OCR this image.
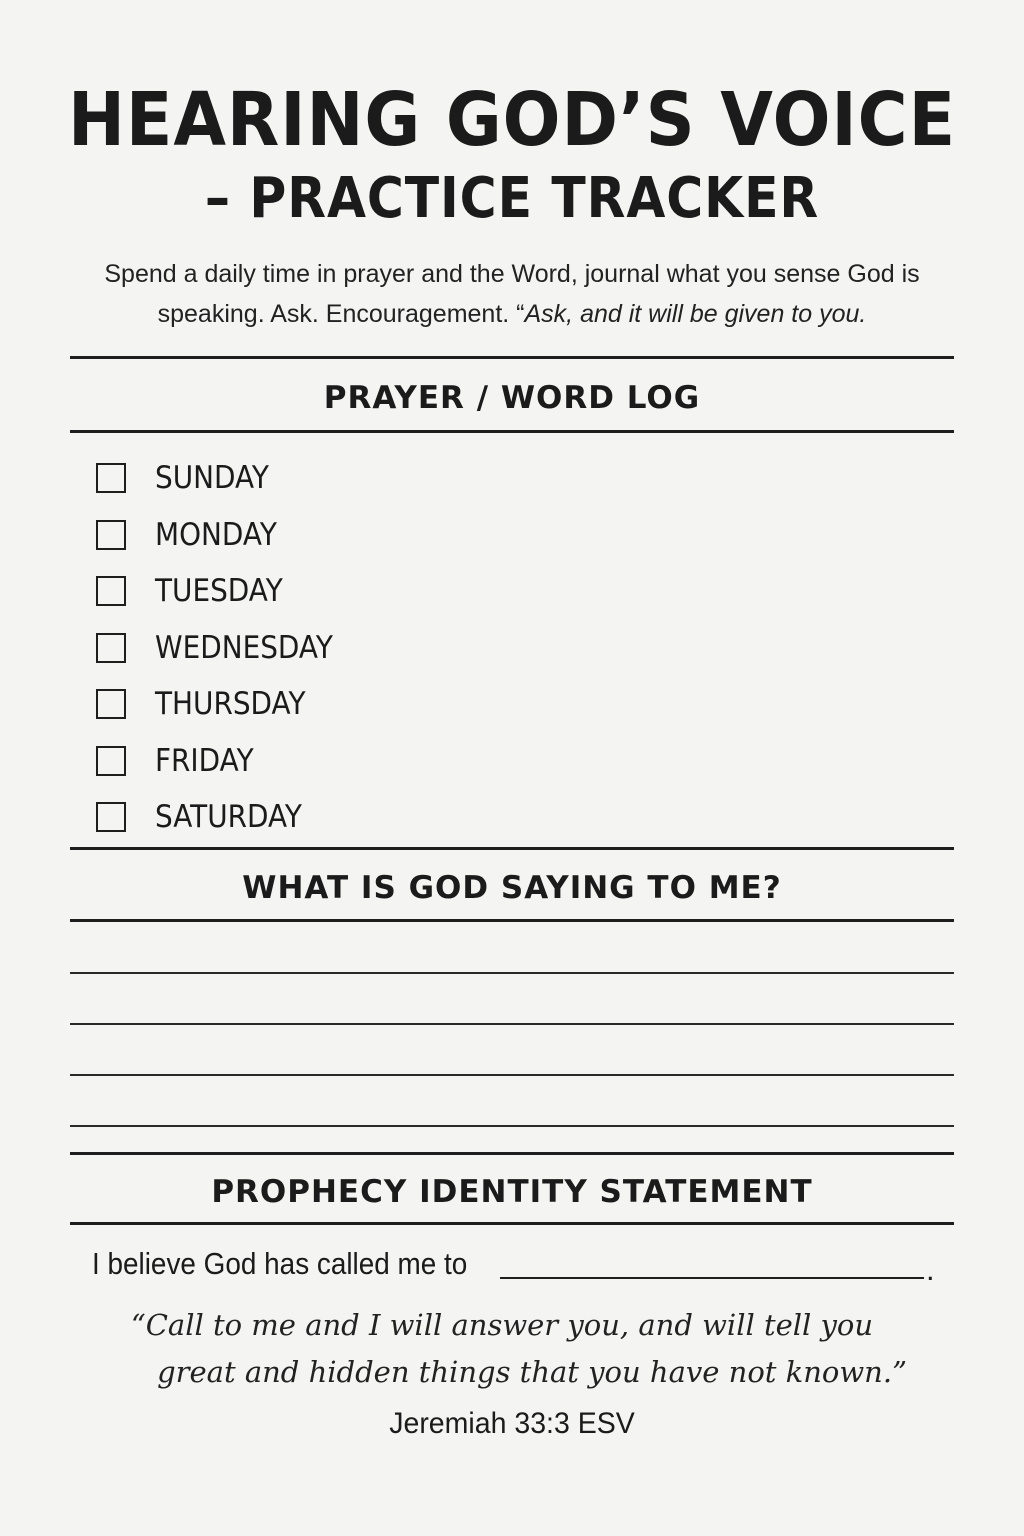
HEARING GOD’S VOICE
– PRACTICE TRACKER
Spend a daily time in prayer and the Word, journal what you sense God is speaking. Ask. Encouragement. “Ask, and it will be given to you.
PRAYER / WORD LOG
SUNDAY
MONDAY
TUESDAY
WEDNESDAY
THURSDAY
FRIDAY
SATURDAY
WHAT IS GOD SAYING TO ME?
PROPHECY IDENTITY STATEMENT
I believe God has called me to	.
“Call to me and I will answer you, and will tell you
great and hidden things that you have not known.”
Jeremiah 33:3 ESV
